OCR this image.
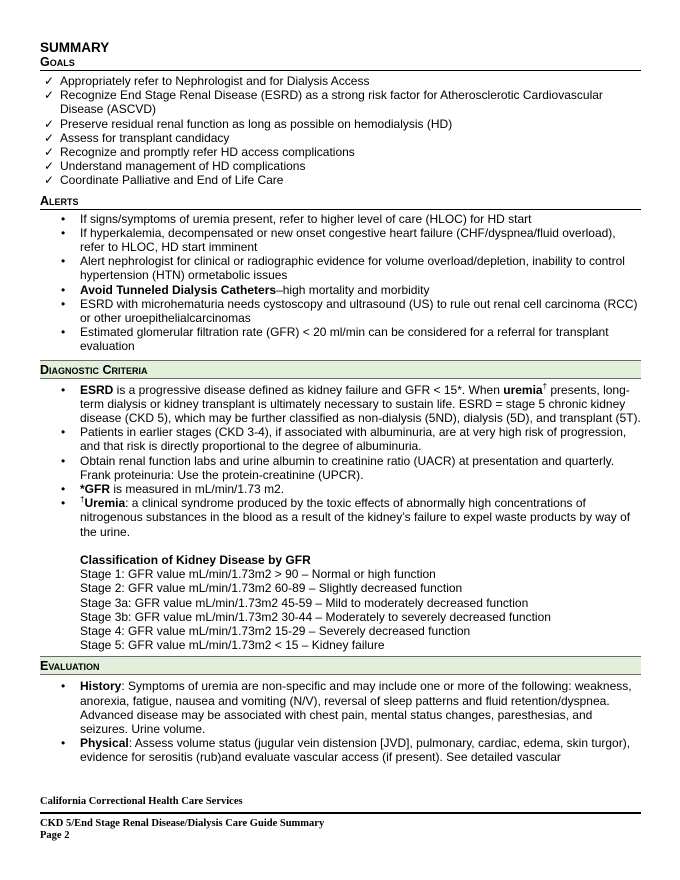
SUMMARY
Goals
✓ Appropriately refer to Nephrologist and for Dialysis Access
✓ Recognize End Stage Renal Disease (ESRD) as a strong risk factor for Atherosclerotic Cardiovascular Disease (ASCVD)
✓ Preserve residual renal function as long as possible on hemodialysis (HD)
✓ Assess for transplant candidacy
✓ Recognize and promptly refer HD access complications
✓ Understand management of HD complications
✓ Coordinate Palliative and End of Life Care
Alerts
• If signs/symptoms of uremia present, refer to higher level of care (HLOC) for HD start
• If hyperkalemia, decompensated or new onset congestive heart failure (CHF/dyspnea/fluid overload), refer to HLOC, HD start imminent
• Alert nephrologist for clinical or radiographic evidence for volume overload/depletion, inability to control hypertension (HTN) ormetabolic issues
• Avoid Tunneled Dialysis Catheters–high mortality and morbidity
• ESRD with microhematuria needs cystoscopy and ultrasound (US) to rule out renal cell carcinoma (RCC) or other uroepithelialcarcinomas
• Estimated glomerular filtration rate (GFR) < 20 ml/min can be considered for a referral for transplant evaluation
Diagnostic Criteria
• ESRD is a progressive disease defined as kidney failure and GFR < 15*. When uremia† presents, long-term dialysis or kidney transplant is ultimately necessary to sustain life. ESRD = stage 5 chronic kidney disease (CKD 5), which may be further classified as non-dialysis (5ND), dialysis (5D), and transplant (5T).
• Patients in earlier stages (CKD 3-4), if associated with albuminuria, are at very high risk of progression, and that risk is directly proportional to the degree of albuminuria.
• Obtain renal function labs and urine albumin to creatinine ratio (UACR) at presentation and quarterly. Frank proteinuria: Use the protein-creatinine (UPCR).
• *GFR is measured in mL/min/1.73 m2.
• †Uremia: a clinical syndrome produced by the toxic effects of abnormally high concentrations of nitrogenous substances in the blood as a result of the kidney’s failure to expel waste products by way of the urine.
Classification of Kidney Disease by GFR
Stage 1: GFR value mL/min/1.73m2 > 90 – Normal or high function
Stage 2: GFR value mL/min/1.73m2 60-89 – Slightly decreased function
Stage 3a: GFR value mL/min/1.73m2 45-59 – Mild to moderately decreased function
Stage 3b: GFR value mL/min/1.73m2 30-44 – Moderately to severely decreased function
Stage 4: GFR value mL/min/1.73m2 15-29 – Severely decreased function
Stage 5: GFR value mL/min/1.73m2 < 15 – Kidney failure
Evaluation
• History: Symptoms of uremia are non-specific and may include one or more of the following: weakness, anorexia, fatigue, nausea and vomiting (N/V), reversal of sleep patterns and fluid retention/dyspnea. Advanced disease may be associated with chest pain, mental status changes, paresthesias, and seizures. Urine volume.
• Physical: Assess volume status (jugular vein distension [JVD], pulmonary, cardiac, edema, skin turgor), evidence for serositis (rub)and evaluate vascular access (if present). See detailed vascular
California Correctional Health Care Services
CKD 5/End Stage Renal Disease/Dialysis Care Guide Summary
Page 2
